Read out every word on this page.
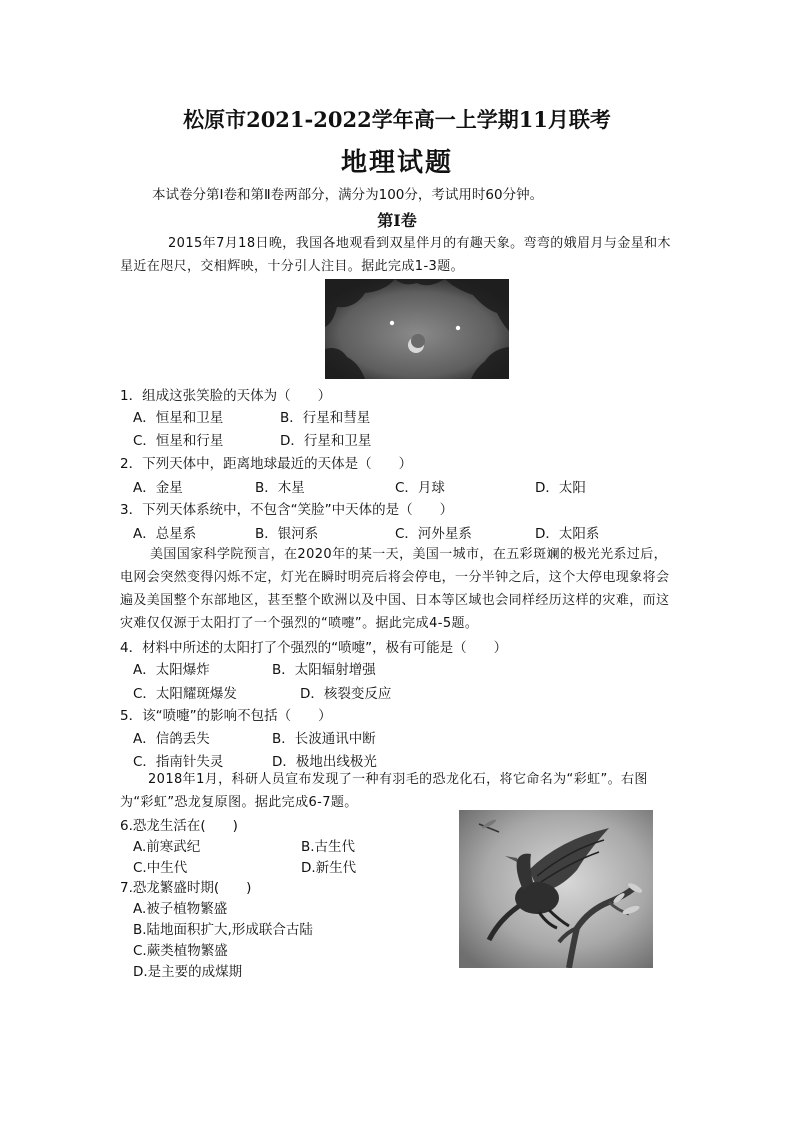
松原市2021-2022学年高一上学期11月联考
地理试题
本试卷分第Ⅰ卷和第Ⅱ卷两部分，满分为100分，考试用时60分钟。
第Ⅰ卷
2015年7月18日晚，我国各地观看到双星伴月的有趣天象。弯弯的娥眉月与金星和木星近在咫尺，交相辉映，十分引人注目。据此完成1-3题。
1．组成这张笑脸的天体为（　　）
A．恒星和卫星	B．行星和彗星
C．恒星和行星	D．行星和卫星
2．下列天体中，距离地球最近的天体是（　　）
A．金星	B．木星	C．月球	D．太阳
3．下列天体系统中，不包含“笑脸”中天体的是（　　）
A．总星系	B．银河系	C．河外星系	D．太阳系
美国国家科学院预言，在2020年的某一天，美国一城市，在五彩斑斓的极光光系过后，电网会突然变得闪烁不定，灯光在瞬时明亮后将会停电，一分半钟之后，这个大停电现象将会遍及美国整个东部地区，甚至整个欧洲以及中国、日本等区域也会同样经历这样的灾难，而这灾难仅仅源于太阳打了一个强烈的“喷嚏”。据此完成4-5题。
4．材料中所述的太阳打了个强烈的“喷嚏”，极有可能是（　　）
A．太阳爆炸	B．太阳辐射增强
C．太阳耀斑爆发	D．核裂变反应
5．该“喷嚏”的影响不包括（　　）
A．信鸽丢失	B．长波通讯中断
C．指南针失灵	D．极地出线极光
2018年1月，科研人员宣布发现了一种有羽毛的恐龙化石，将它命名为“彩虹”。右图为“彩虹”恐龙复原图。据此完成6-7题。
6.恐龙生活在(　　)
A.前寒武纪	B.古生代
C.中生代	D.新生代
7.恐龙繁盛时期(　　)
A.被子植物繁盛
B.陆地面积扩大,形成联合古陆
C.蕨类植物繁盛
D.是主要的成煤期
